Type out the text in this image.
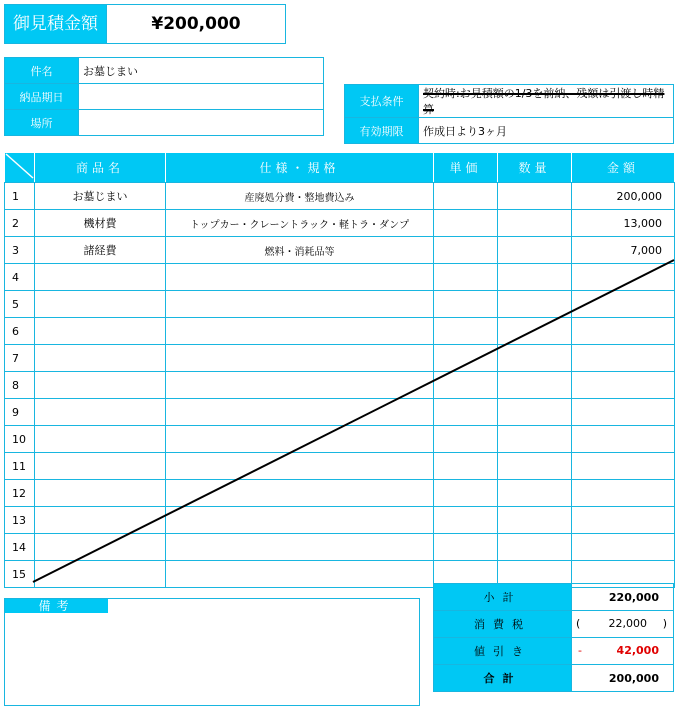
御見積金額	¥200,000
件名	お墓じまい
納品期日	
場所	
支払条件	契約時:お見積額の1/3を前納、残額は引渡し時精算
有効期限	作成日より3ヶ月
	商品名	仕様・規格	単価	数量	金額
1	お墓じまい	産廃処分費・整地費込み			200,000
2	機材費	トップカー・クレーントラック・軽トラ・ダンプ			13,000
3	諸経費	燃料・消耗品等			7,000
4					
5					
6					
7					
8					
9					
10					
11					
12					
13					
14					
15					
備考
小計	220,000
消費税	( 22,000 )

値引き	- 42,000

合計	200,000
